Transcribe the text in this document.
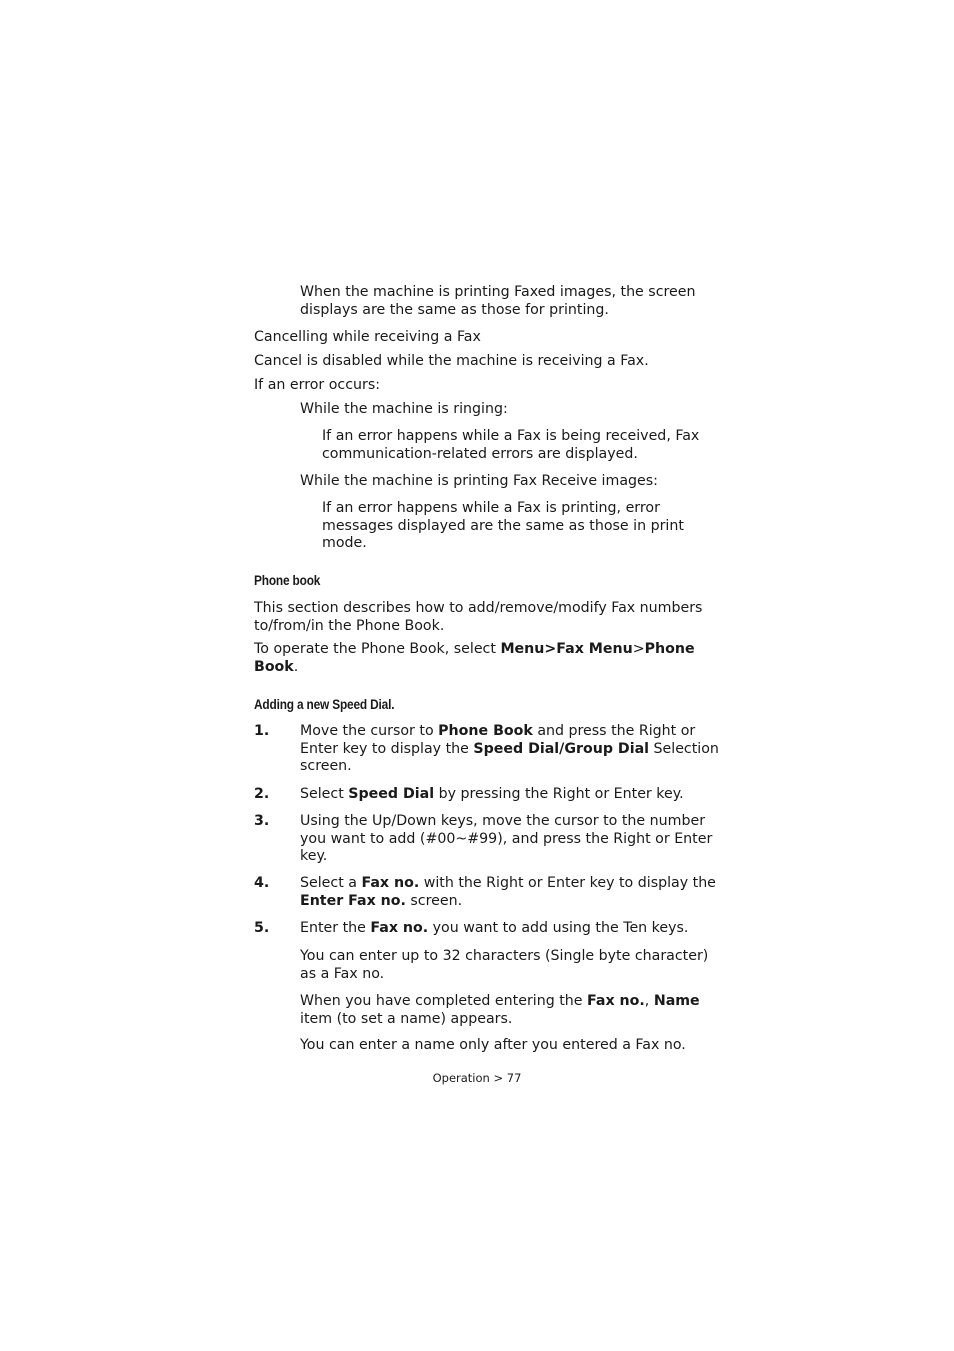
When the machine is printing Faxed images, the screen displays are the same as those for printing.

Cancelling while receiving a Fax

Cancel is disabled while the machine is receiving a Fax.

If an error occurs:

While the machine is ringing:

If an error happens while a Fax is being received, Fax communication-related errors are displayed.

While the machine is printing Fax Receive images:

If an error happens while a Fax is printing, error messages displayed are the same as those in print mode.

Phone book

This section describes how to add/remove/modify Fax numbers to/from/in the Phone Book.

To operate the Phone Book, select Menu>Fax Menu>Phone Book.

Adding a new Speed Dial.
1. Move the cursor to Phone Book and press the Right or Enter key to display the Speed Dial/Group Dial Selection screen.

2. Select Speed Dial by pressing the Right or Enter key.

3. Using the Up/Down keys, move the cursor to the number you want to add (#00~#99), and press the Right or Enter key.

4. Select a Fax no. with the Right or Enter key to display the Enter Fax no. screen.

5. Enter the Fax no. you want to add using the Ten keys.

You can enter up to 32 characters (Single byte character) as a Fax no.

When you have completed entering the Fax no., Name item (to set a name) appears.

You can enter a name only after you entered a Fax no.

Operation > 77
